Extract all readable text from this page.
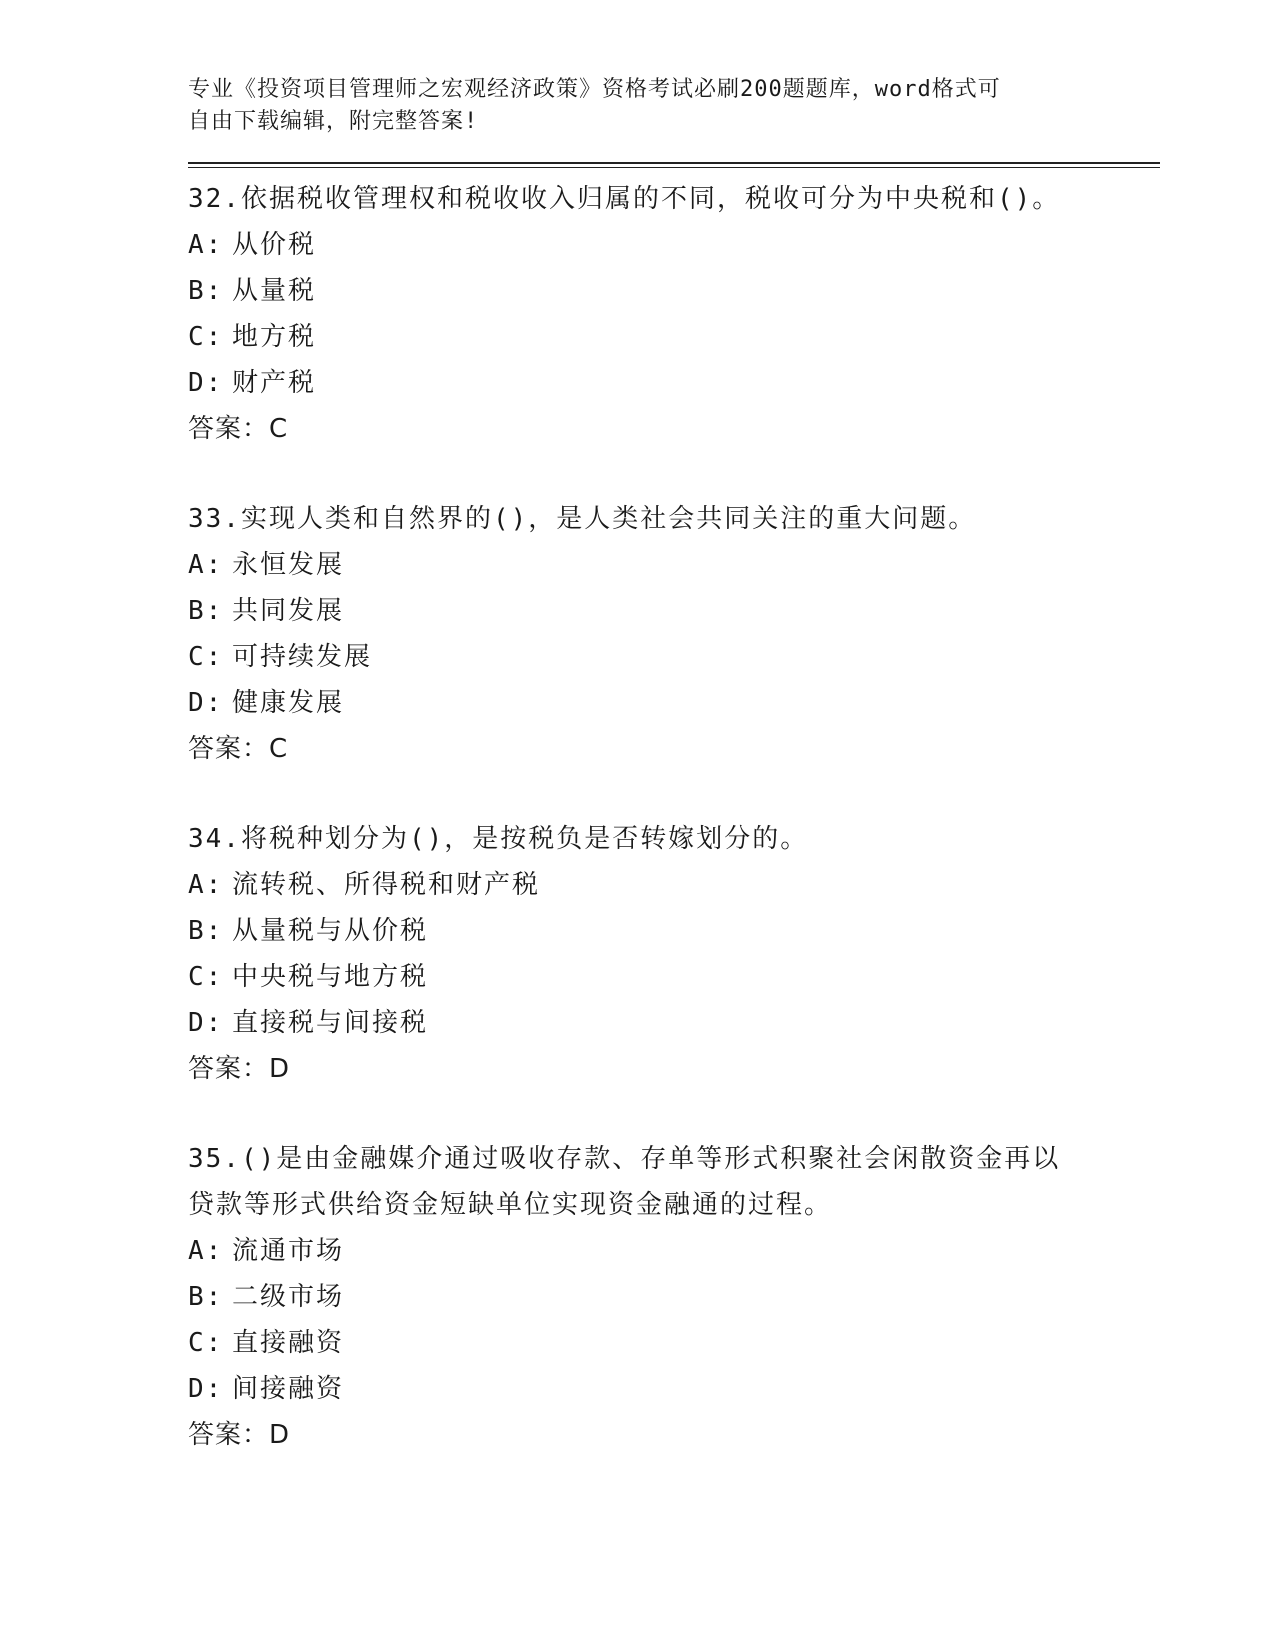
专业《投资项目管理师之宏观经济政策》资格考试必刷200题题库，word格式可
自由下载编辑，附完整答案!
32.依据税收管理权和税收收入归属的不同，税收可分为中央税和()。
A: 从价税
B: 从量税
C: 地方税
D: 财产税
答案：C
33.实现人类和自然界的()，是人类社会共同关注的重大问题。
A: 永恒发展
B: 共同发展
C: 可持续发展
D: 健康发展
答案：C
34.将税种划分为()，是按税负是否转嫁划分的。
A: 流转税、所得税和财产税
B: 从量税与从价税
C: 中央税与地方税
D: 直接税与间接税
答案：D
35.()是由金融媒介通过吸收存款、存单等形式积聚社会闲散资金再以贷款等形式供给资金短缺单位实现资金融通的过程。
A: 流通市场
B: 二级市场
C: 直接融资
D: 间接融资
答案：D
